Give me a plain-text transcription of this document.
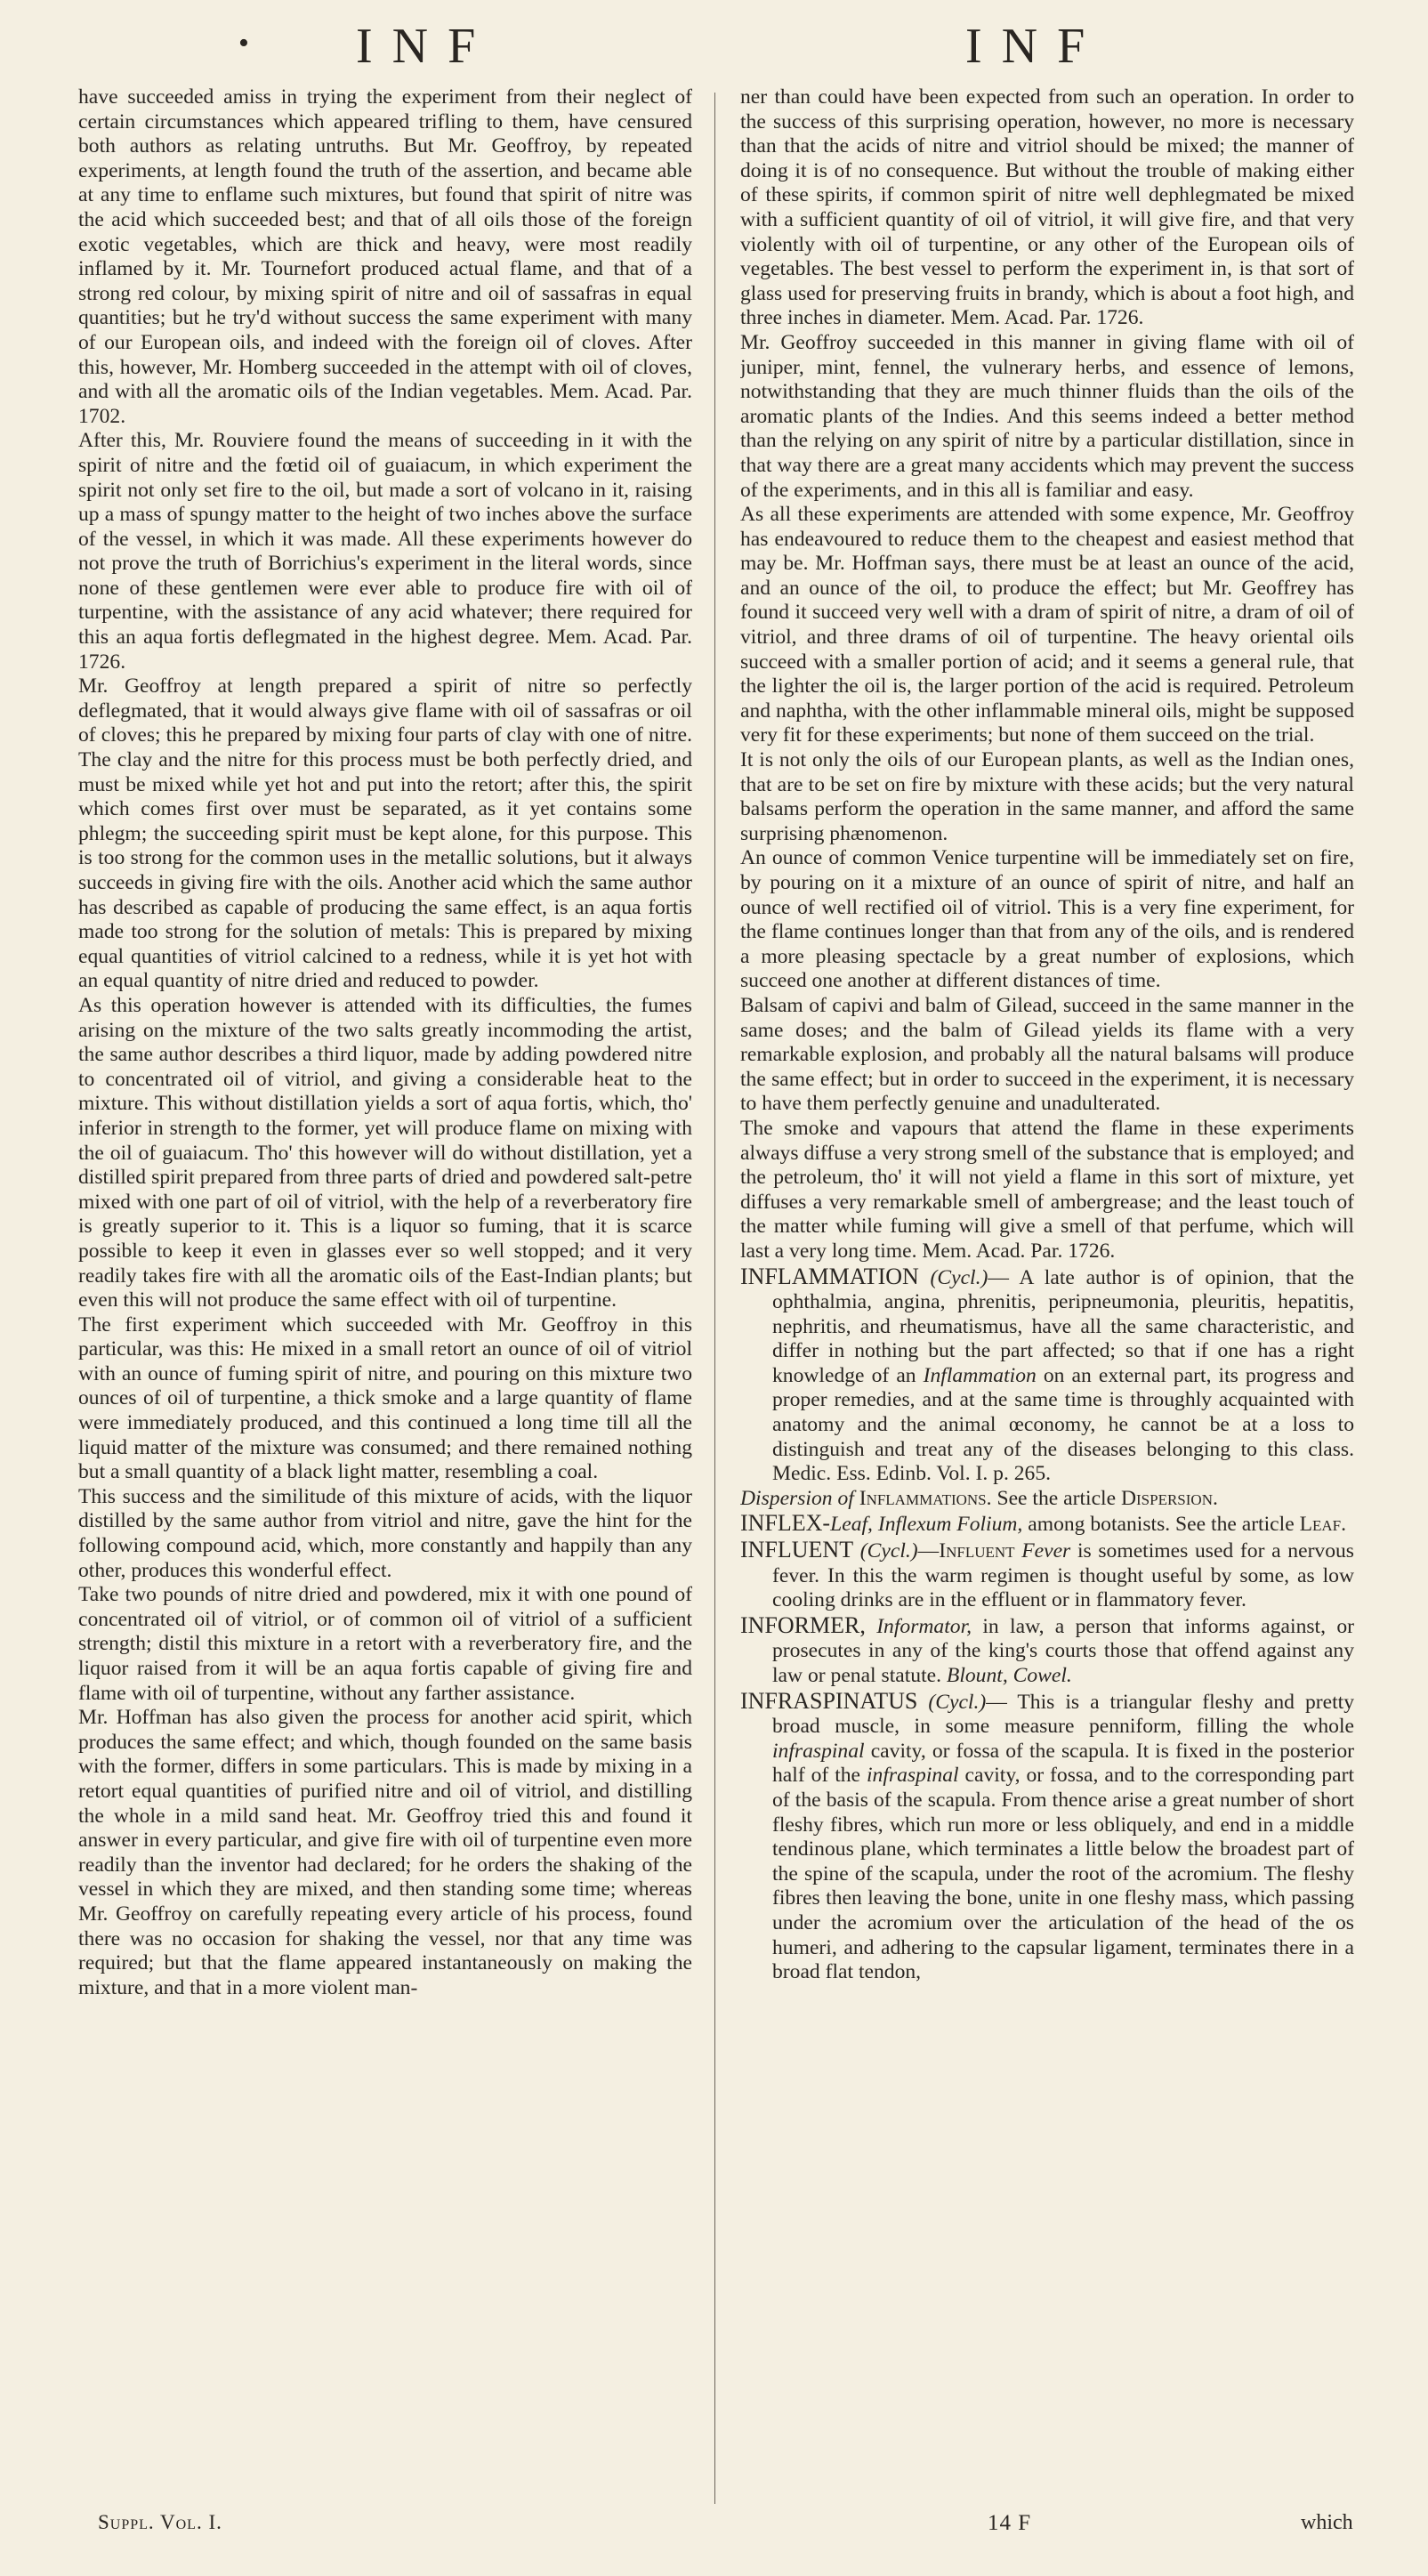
• INF	INF

have succeeded amiss in trying the experiment from their neglect of certain circumstances which appeared trifling to them, have censured both authors as relating untruths. But Mr. Geoffroy, by repeated experiments, at length found the truth of the assertion, and became able at any time to enflame such mixtures, but found that spirit of nitre was the acid which succeeded best; and that of all oils those of the foreign exotic vegetables, which are thick and heavy, were most readily inflamed by it. Mr. Tournefort produced actual flame, and that of a strong red colour, by mixing spirit of nitre and oil of sassafras in equal quantities; but he try'd without success the same experiment with many of our European oils, and indeed with the foreign oil of cloves. After this, however, Mr. Homberg succeeded in the attempt with oil of cloves, and with all the aromatic oils of the Indian vegetables. Mem. Acad. Par. 1702.

After this, Mr. Rouviere found the means of succeeding in it with the spirit of nitre and the fœtid oil of guaiacum, in which experiment the spirit not only set fire to the oil, but made a sort of volcano in it, raising up a mass of spungy matter to the height of two inches above the surface of the vessel, in which it was made. All these experiments however do not prove the truth of Borrichius's experiment in the literal words, since none of these gentlemen were ever able to produce fire with oil of turpentine, with the assistance of any acid whatever; there required for this an aqua fortis deflegmated in the highest degree. Mem. Acad. Par. 1726.

Mr. Geoffroy at length prepared a spirit of nitre so perfectly deflegmated, that it would always give flame with oil of sassafras or oil of cloves; this he prepared by mixing four parts of clay with one of nitre. The clay and the nitre for this process must be both perfectly dried, and must be mixed while yet hot and put into the retort; after this, the spirit which comes first over must be separated, as it yet contains some phlegm; the succeeding spirit must be kept alone, for this purpose. This is too strong for the common uses in the metallic solutions, but it always succeeds in giving fire with the oils. Another acid which the same author has described as capable of producing the same effect, is an aqua fortis made too strong for the solution of metals: This is prepared by mixing equal quantities of vitriol calcined to a redness, while it is yet hot with an equal quantity of nitre dried and reduced to powder.

As this operation however is attended with its difficulties, the fumes arising on the mixture of the two salts greatly incommoding the artist, the same author describes a third liquor, made by adding powdered nitre to concentrated oil of vitriol, and giving a considerable heat to the mixture. This without distillation yields a sort of aqua fortis, which, tho' inferior in strength to the former, yet will produce flame on mixing with the oil of guaiacum. Tho' this however will do without distillation, yet a distilled spirit prepared from three parts of dried and powdered salt-petre mixed with one part of oil of vitriol, with the help of a reverberatory fire is greatly superior to it. This is a liquor so fuming, that it is scarce possible to keep it even in glasses ever so well stopped; and it very readily takes fire with all the aromatic oils of the East-Indian plants; but even this will not produce the same effect with oil of turpentine.

The first experiment which succeeded with Mr. Geoffroy in this particular, was this: He mixed in a small retort an ounce of oil of vitriol with an ounce of fuming spirit of nitre, and pouring on this mixture two ounces of oil of turpentine, a thick smoke and a large quantity of flame were immediately produced, and this continued a long time till all the liquid matter of the mixture was consumed; and there remained nothing but a small quantity of a black light matter, resembling a coal.

This success and the similitude of this mixture of acids, with the liquor distilled by the same author from vitriol and nitre, gave the hint for the following compound acid, which, more constantly and happily than any other, produces this wonderful effect.

Take two pounds of nitre dried and powdered, mix it with one pound of concentrated oil of vitriol, or of common oil of vitriol of a sufficient strength; distil this mixture in a retort with a reverberatory fire, and the liquor raised from it will be an aqua fortis capable of giving fire and flame with oil of turpentine, without any farther assistance.

Mr. Hoffman has also given the process for another acid spirit, which produces the same effect; and which, though founded on the same basis with the former, differs in some particulars. This is made by mixing in a retort equal quantities of purified nitre and oil of vitriol, and distilling the whole in a mild sand heat. Mr. Geoffroy tried this and found it answer in every particular, and give fire with oil of turpentine even more readily than the inventor had declared; for he orders the shaking of the vessel in which they are mixed, and then standing some time; whereas Mr. Geoffroy on carefully repeating every article of his process, found there was no occasion for shaking the vessel, nor that any time was required; but that the flame appeared instantaneously on making the mixture, and that in a more violent man-

ner than could have been expected from such an operation. In order to the success of this surprising operation, however, no more is necessary than that the acids of nitre and vitriol should be mixed; the manner of doing it is of no consequence. But without the trouble of making either of these spirits, if common spirit of nitre well dephlegmated be mixed with a sufficient quantity of oil of vitriol, it will give fire, and that very violently with oil of turpentine, or any other of the European oils of vegetables. The best vessel to perform the experiment in, is that sort of glass used for preserving fruits in brandy, which is about a foot high, and three inches in diameter. Mem. Acad. Par. 1726.

Mr. Geoffroy succeeded in this manner in giving flame with oil of juniper, mint, fennel, the vulnerary herbs, and essence of lemons, notwithstanding that they are much thinner fluids than the oils of the aromatic plants of the Indies. And this seems indeed a better method than the relying on any spirit of nitre by a particular distillation, since in that way there are a great many accidents which may prevent the success of the experiments, and in this all is familiar and easy.

As all these experiments are attended with some expence, Mr. Geoffroy has endeavoured to reduce them to the cheapest and easiest method that may be. Mr. Hoffman says, there must be at least an ounce of the acid, and an ounce of the oil, to produce the effect; but Mr. Geoffrey has found it succeed very well with a dram of spirit of nitre, a dram of oil of vitriol, and three drams of oil of turpentine. The heavy oriental oils succeed with a smaller portion of acid; and it seems a general rule, that the lighter the oil is, the larger portion of the acid is required. Petroleum and naphtha, with the other inflammable mineral oils, might be supposed very fit for these experiments; but none of them succeed on the trial.

It is not only the oils of our European plants, as well as the Indian ones, that are to be set on fire by mixture with these acids; but the very natural balsams perform the operation in the same manner, and afford the same surprising phænomenon.

An ounce of common Venice turpentine will be immediately set on fire, by pouring on it a mixture of an ounce of spirit of nitre, and half an ounce of well rectified oil of vitriol. This is a very fine experiment, for the flame continues longer than that from any of the oils, and is rendered a more pleasing spectacle by a great number of explosions, which succeed one another at different distances of time.

Balsam of capivi and balm of Gilead, succeed in the same manner in the same doses; and the balm of Gilead yields its flame with a very remarkable explosion, and probably all the natural balsams will produce the same effect; but in order to succeed in the experiment, it is necessary to have them perfectly genuine and unadulterated.

The smoke and vapours that attend the flame in these experiments always diffuse a very strong smell of the substance that is employed; and the petroleum, tho' it will not yield a flame in this sort of mixture, yet diffuses a very remarkable smell of ambergrease; and the least touch of the matter while fuming will give a smell of that perfume, which will last a very long time. Mem. Acad. Par. 1726.

INFLAMMATION (Cycl.)— A late author is of opinion, that the ophthalmia, angina, phrenitis, peripneumonia, pleuritis, hepatitis, nephritis, and rheumatismus, have all the same characteristic, and differ in nothing but the part affected; so that if one has a right knowledge of an Inflammation on an external part, its progress and proper remedies, and at the same time is throughly acquainted with anatomy and the animal œconomy, he cannot be at a loss to distinguish and treat any of the diseases belonging to this class. Medic. Ess. Edinb. Vol. I. p. 265.

Dispersion of Inflammations. See the article Dispersion.

INFLEX-Leaf, Inflexum Folium, among botanists. See the article Leaf.

INFLUENT (Cycl.)—Influent Fever is sometimes used for a nervous fever. In this the warm regimen is thought useful by some, as low cooling drinks are in the effluent or in flammatory fever.

INFORMER, Informator, in law, a person that informs against, or prosecutes in any of the king's courts those that offend against any law or penal statute. Blount, Cowel.

INFRASPINATUS (Cycl.)— This is a triangular fleshy and pretty broad muscle, in some measure penniform, filling the whole infraspinal cavity, or fossa of the scapula. It is fixed in the posterior half of the infraspinal cavity, or fossa, and to the corresponding part of the basis of the scapula. From thence arise a great number of short fleshy fibres, which run more or less obliquely, and end in a middle tendinous plane, which terminates a little below the broadest part of the spine of the scapula, under the root of the acromium. The fleshy fibres then leaving the bone, unite in one fleshy mass, which passing under the acromium over the articulation of the head of the os humeri, and adhering to the capsular ligament, terminates there in a broad flat tendon,

Suppl. Vol. I.	14 F	which
